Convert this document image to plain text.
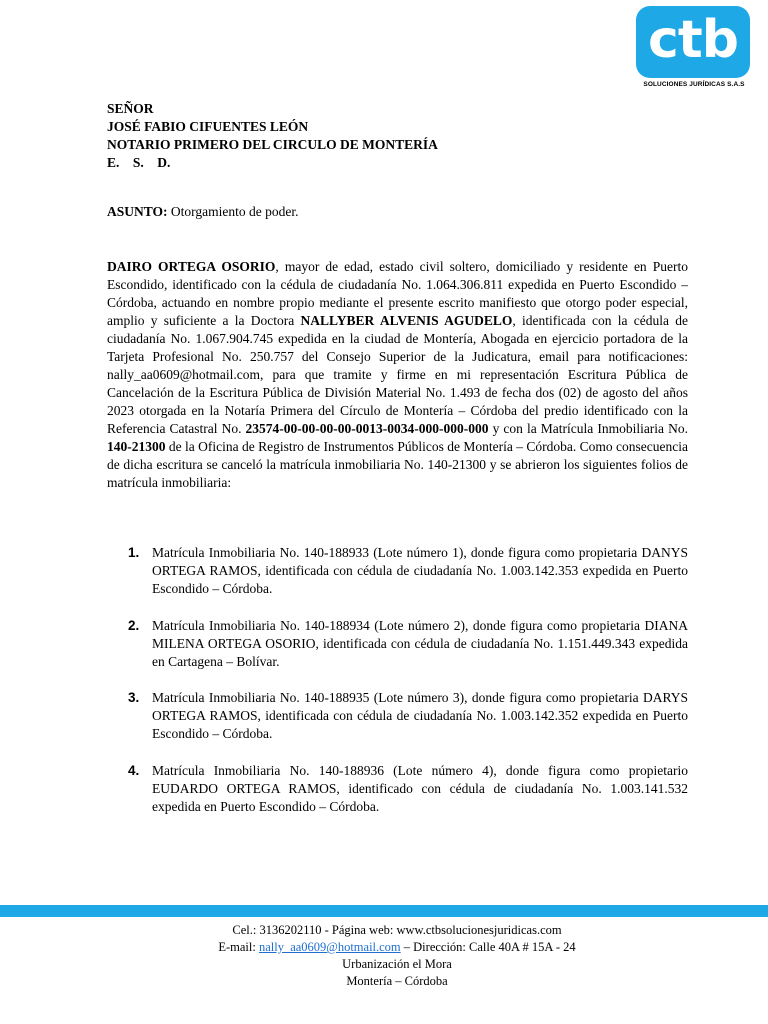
ctb
SOLUCIONES JURÍDICAS S.A.S
SEÑOR
JOSÉ FABIO CIFUENTES LEÓN
NOTARIO PRIMERO DEL CIRCULO DE MONTERÍA
E.    S.    D.
ASUNTO: Otorgamiento de poder.
DAIRO ORTEGA OSORIO, mayor de edad, estado civil soltero, domiciliado y residente en Puerto Escondido, identificado con la cédula de ciudadanía No. 1.064.306.811 expedida en Puerto Escondido – Córdoba, actuando en nombre propio mediante el presente escrito manifiesto que otorgo poder especial, amplio y suficiente a la Doctora NALLYBER ALVENIS AGUDELO, identificada con la cédula de ciudadanía No. 1.067.904.745 expedida en la ciudad de Montería, Abogada en ejercicio portadora de la Tarjeta Profesional No. 250.757 del Consejo Superior de la Judicatura, email para notificaciones: nally_aa0609@hotmail.com, para que tramite y firme en mi representación Escritura Pública de Cancelación de la Escritura Pública de División Material No. 1.493 de fecha dos (02) de agosto del años 2023 otorgada en la Notaría Primera del Círculo de Montería – Córdoba del predio identificado con la Referencia Catastral No. 23574-00-00-00-00-0013-0034-000-000-000 y con la Matrícula Inmobiliaria No. 140-21300 de la Oficina de Registro de Instrumentos Públicos de Montería – Córdoba. Como consecuencia de dicha escritura se canceló la matrícula inmobiliaria No. 140-21300 y se abrieron los siguientes folios de matrícula inmobiliaria:
1. Matrícula Inmobiliaria No. 140-188933 (Lote número 1), donde figura como propietaria DANYS ORTEGA RAMOS, identificada con cédula de ciudadanía No. 1.003.142.353 expedida en Puerto Escondido – Córdoba.
2. Matrícula Inmobiliaria No. 140-188934 (Lote número 2), donde figura como propietaria DIANA MILENA ORTEGA OSORIO, identificada con cédula de ciudadanía No. 1.151.449.343 expedida en Cartagena – Bolívar.
3. Matrícula Inmobiliaria No. 140-188935 (Lote número 3), donde figura como propietaria DARYS ORTEGA RAMOS, identificada con cédula de ciudadanía No. 1.003.142.352 expedida en Puerto Escondido – Córdoba.
4. Matrícula Inmobiliaria No. 140-188936 (Lote número 4), donde figura como propietario EUDARDO ORTEGA RAMOS, identificado con cédula de ciudadanía No. 1.003.141.532 expedida en Puerto Escondido – Córdoba.
Cel.: 3136202110 - Página web: www.ctbsolucionesjuridicas.com
E-mail: nally_aa0609@hotmail.com – Dirección: Calle 40A # 15A - 24
Urbanización el Mora
Montería – Córdoba
